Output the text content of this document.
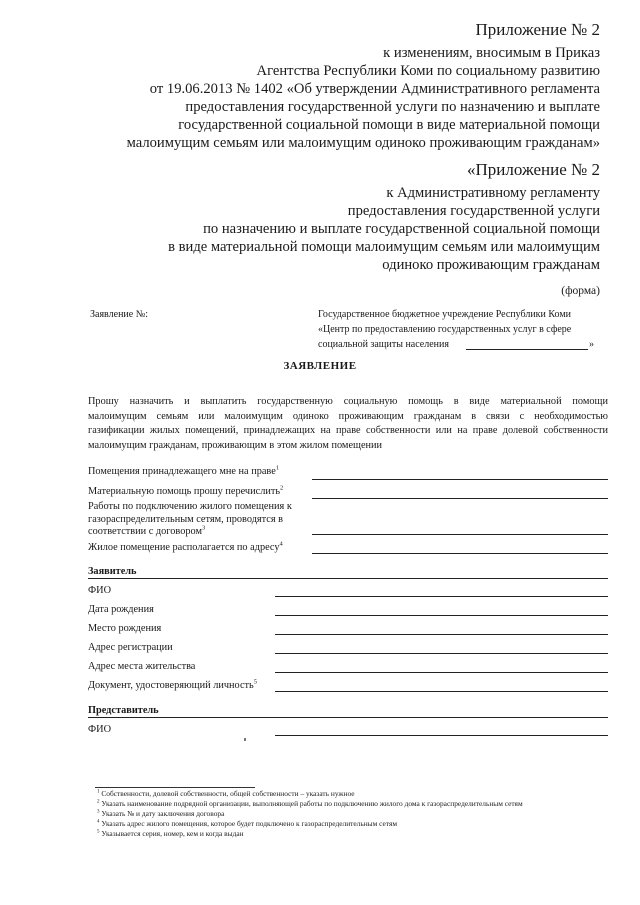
Приложение № 2
к изменениям, вносимым в Приказ
Агентства Республики Коми по социальному развитию
от 19.06.2013 № 1402 «Об утверждении Административного регламента
предоставления государственной услуги по назначению и выплате
государственной социальной помощи в виде материальной помощи
малоимущим семьям или малоимущим одиноко проживающим гражданам»
«Приложение № 2
к Административному регламенту
предоставления государственной услуги
по назначению и выплате государственной социальной помощи
в виде материальной помощи малоимущим семьям или малоимущим
одиноко проживающим гражданам
(форма)
Заявление №:	Государственное бюджетное учреждение Республики Коми
«Центр по предоставлению государственных услуг в сфере
социальной защиты населения	»
ЗАЯВЛЕНИЕ
Прошу назначить и выплатить государственную социальную помощь в виде материальной помощи
малоимущим семьям или малоимущим одиноко проживающим гражданам в связи с необходимостью
газификации жилых помещений, принадлежащих на праве собственности или на праве долевой собственности
малоимущим гражданам, проживающим в этом жилом помещении
Помещения принадлежащего мне на праве$^1$
Материальную помощь прошу перечислить$^2$
Работы по подключению жилого помещения к
газораспределительным сетям, проводятся в
соответствии с договором$^3$
Жилое помещение располагается по адресу$^4$
Заявитель
ФИО
Дата рождения
Место рождения
Адрес регистрации
Адрес места жительства
Документ, удостоверяющий личность$^5$
Представитель
ФИО
$^1$ Собственности, долевой собственности, общей собственности – указать нужное
$^2$ Указать наименование подрядной организации, выполняющей работы по подключению жилого дома к газораспределительным сетям
$^3$ Указать № и дату заключения договора
$^4$ Указать адрес жилого помещения, которое будет подключено к газораспределительным сетям
$^5$ Указывается серия, номер, кем и когда выдан
